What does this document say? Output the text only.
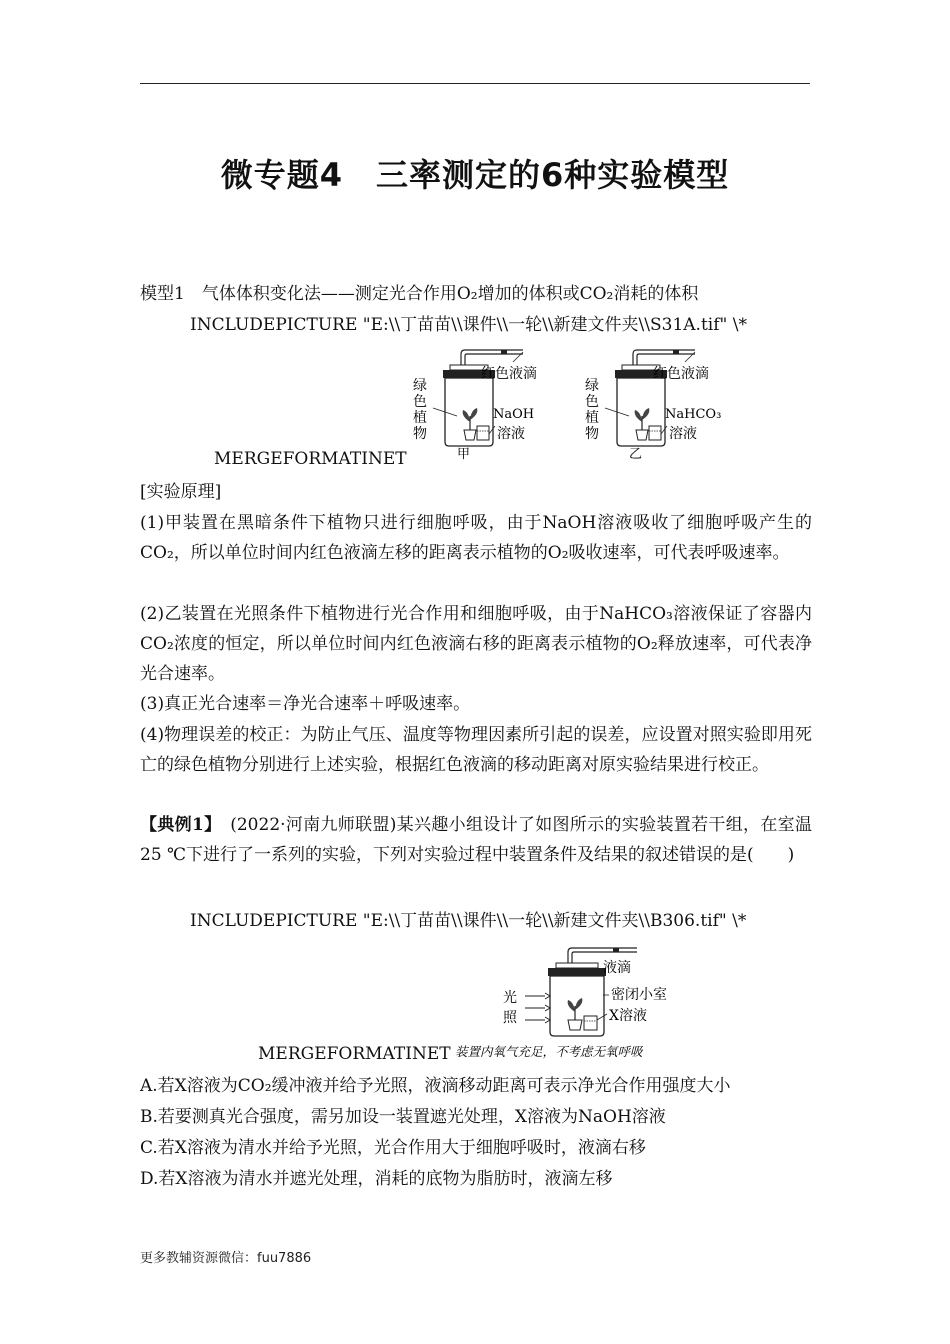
微专题4　三率测定的6种实验模型
模型1　气体体积变化法——测定光合作用O₂增加的体积或CO₂消耗的体积
INCLUDEPICTURE "E:\\丁苗苗\\课件\\一轮\\新建文件夹\\S31A.tif" \*
红色液滴
绿
色
植
物
NaOH
溶液
甲
红色液滴
绿
色
植
物
NaHCO₃
溶液
乙
MERGEFORMATINET
[实验原理]
(1)甲装置在黑暗条件下植物只进行细胞呼吸，由于NaOH溶液吸收了细胞呼吸产生的CO₂，所以单位时间内红色液滴左移的距离表示植物的O₂吸收速率，可代表呼吸速率。
(2)乙装置在光照条件下植物进行光合作用和细胞呼吸，由于NaHCO₃溶液保证了容器内CO₂浓度的恒定，所以单位时间内红色液滴右移的距离表示植物的O₂释放速率，可代表净光合速率。
(3)真正光合速率＝净光合速率＋呼吸速率。
(4)物理误差的校正：为防止气压、温度等物理因素所引起的误差，应设置对照实验即用死亡的绿色植物分别进行上述实验，根据红色液滴的移动距离对原实验结果进行校正。
【典例1】　(2022·河南九师联盟)某兴趣小组设计了如图所示的实验装置若干组，在室温25 ℃下进行了一系列的实验，下列对实验过程中装置条件及结果的叙述错误的是(　　)
INCLUDEPICTURE "E:\\丁苗苗\\课件\\一轮\\新建文件夹\\B306.tif" \*
光
照
液滴
密闭小室
X溶液
装置内氧气充足，不考虑无氧呼吸
MERGEFORMATINET
A.若X溶液为CO₂缓冲液并给予光照，液滴移动距离可表示净光合作用强度大小
B.若要测真光合强度，需另加设一装置遮光处理，X溶液为NaOH溶液
C.若X溶液为清水并给予光照，光合作用大于细胞呼吸时，液滴右移
D.若X溶液为清水并遮光处理，消耗的底物为脂肪时，液滴左移
更多教辅资源微信：fuu7886
